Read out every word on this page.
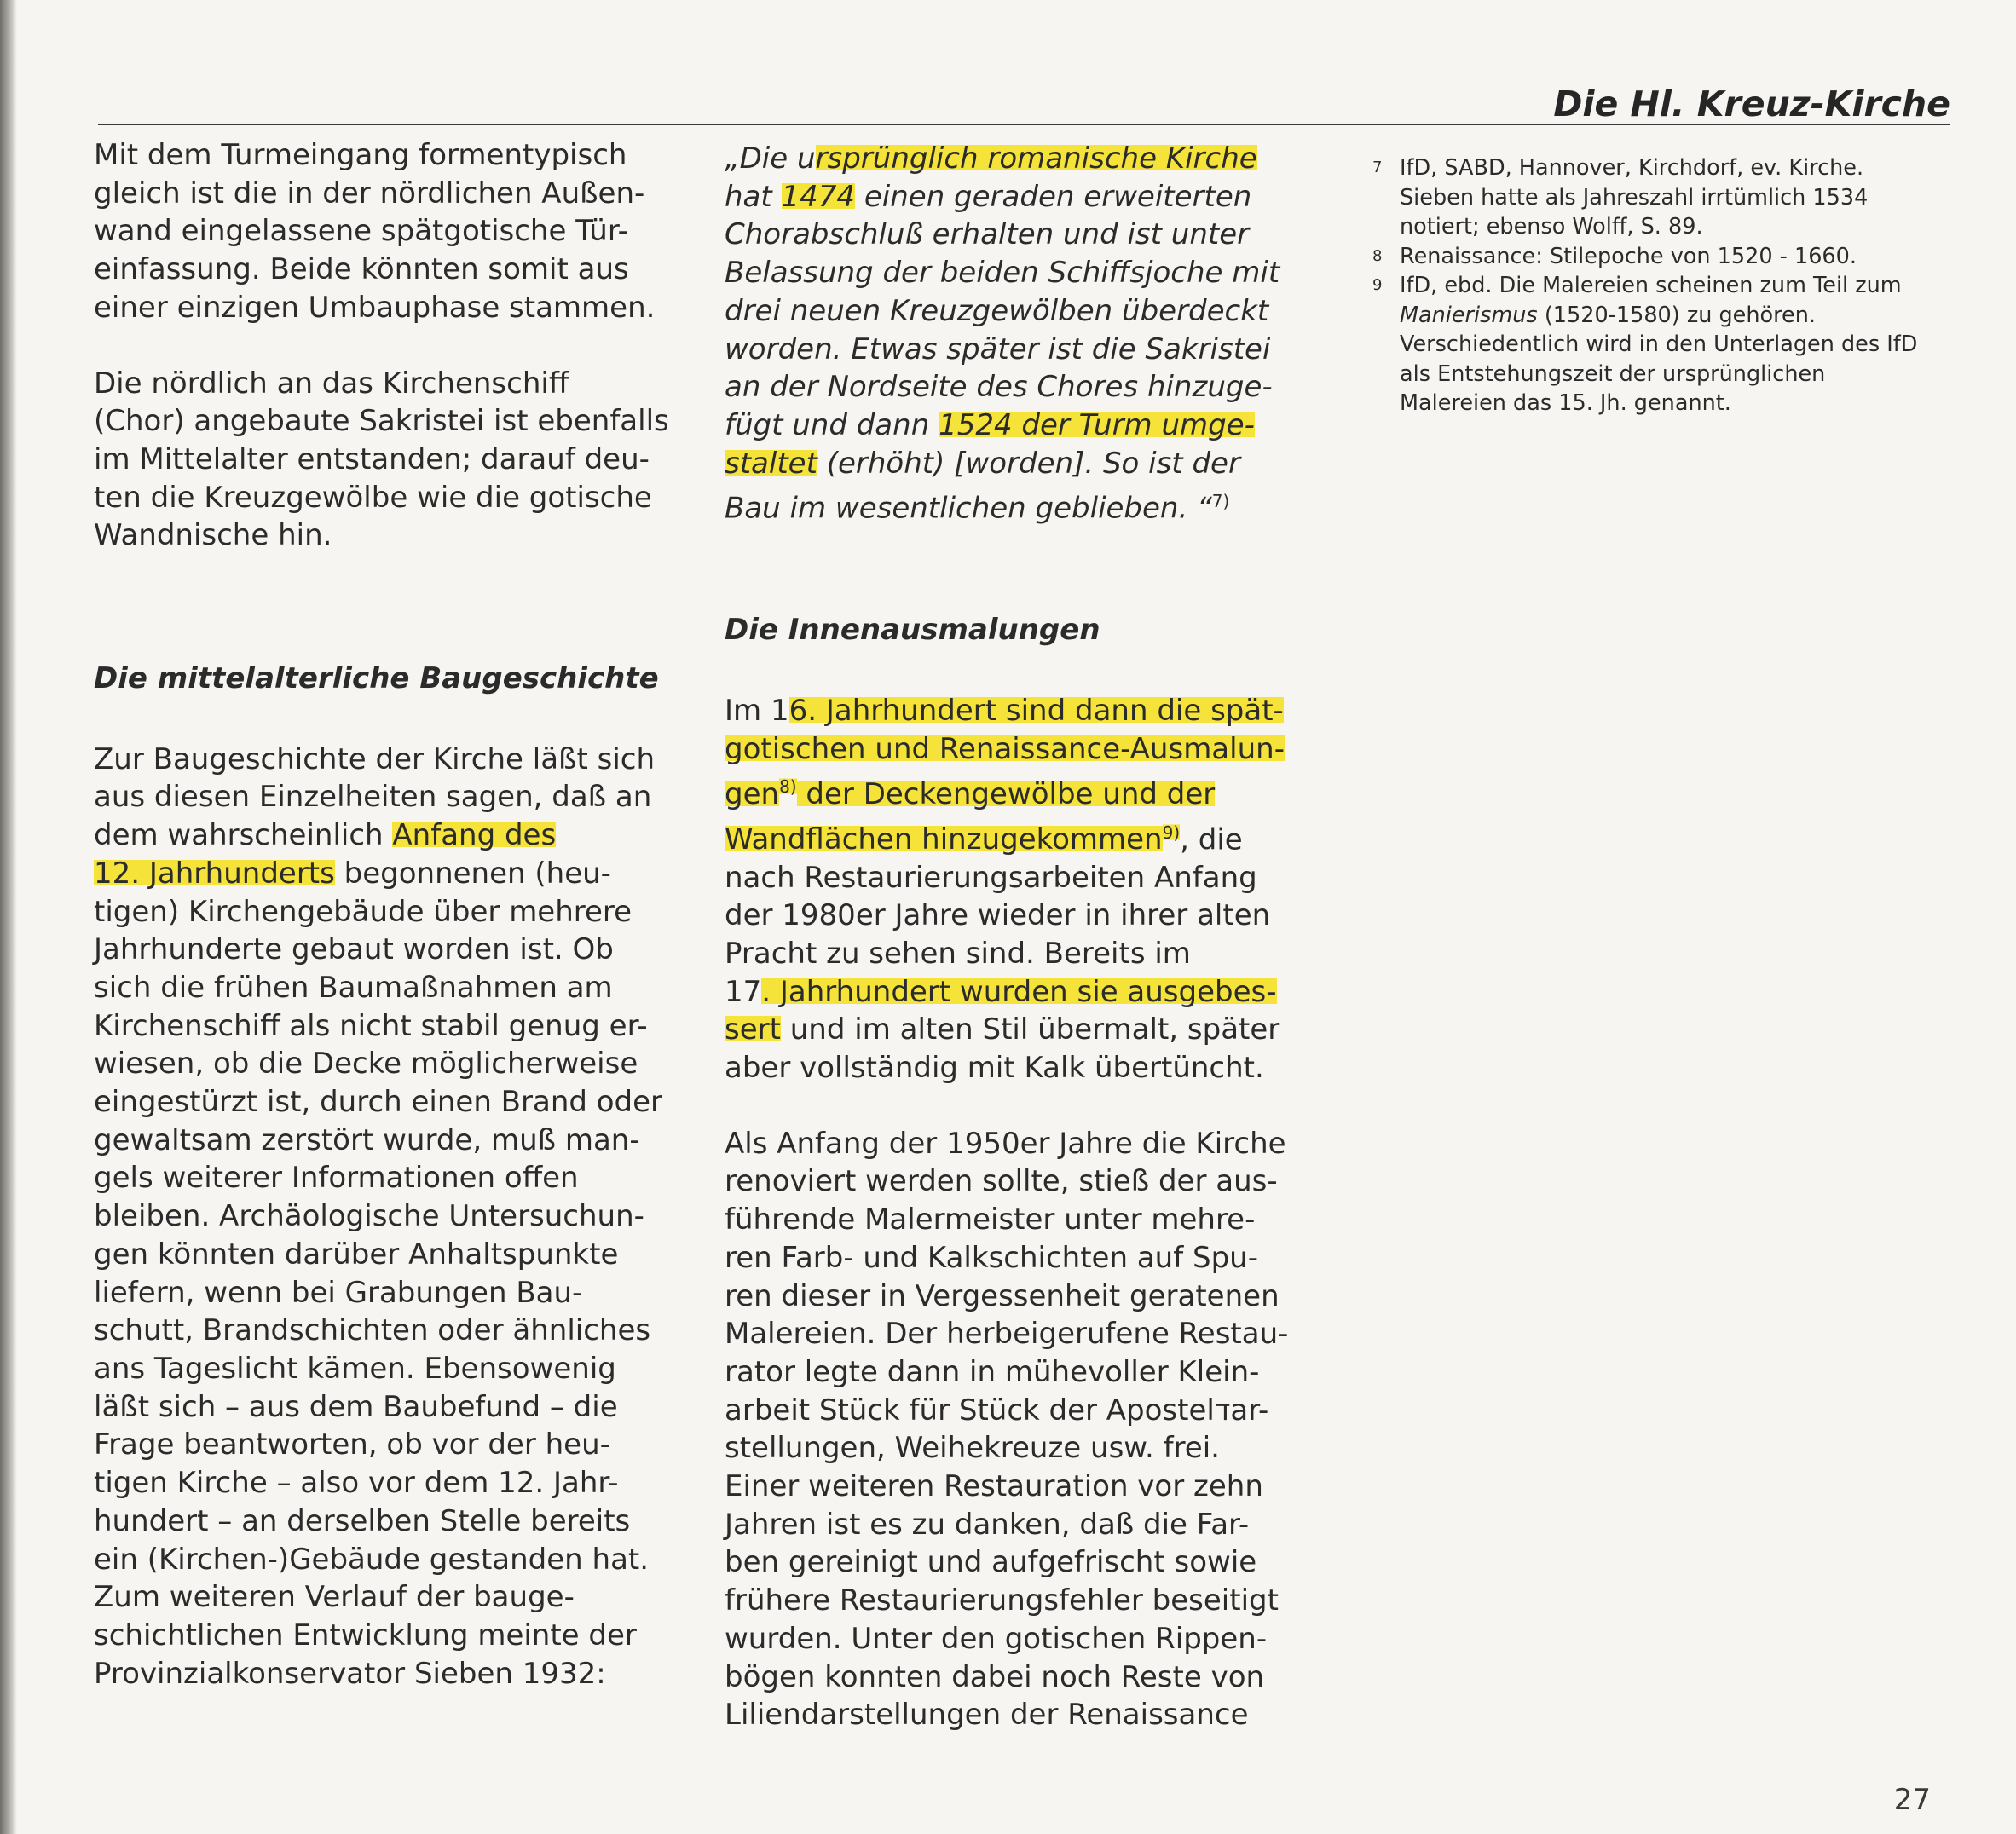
Die Hl. Kreuz-Kirche

Mit dem Turmeingang formentypisch
gleich ist die in der nördlichen Außen-
wand eingelassene spätgotische Tür-
einfassung. Beide könnten somit aus
einer einzigen Umbauphase stammen.

Die nördlich an das Kirchenschiff
(Chor) angebaute Sakristei ist ebenfalls
im Mittelalter entstanden; darauf deu-
ten die Kreuzgewölbe wie die gotische
Wandnische hin.

Die mittelalterliche Baugeschichte

Zur Baugeschichte der Kirche läßt sich
aus diesen Einzelheiten sagen, daß an
dem wahrscheinlich Anfang des
12. Jahrhunderts begonnenen (heu-
tigen) Kirchengebäude über mehrere
Jahrhunderte gebaut worden ist. Ob
sich die frühen Baumaßnahmen am
Kirchenschiff als nicht stabil genug er-
wiesen, ob die Decke möglicherweise
eingestürzt ist, durch einen Brand oder
gewaltsam zerstört wurde, muß man-
gels weiterer Informationen offen
bleiben. Archäologische Untersuchun-
gen könnten darüber Anhaltspunkte
liefern, wenn bei Grabungen Bau-
schutt, Brandschichten oder ähnliches
ans Tageslicht kämen. Ebensowenig
läßt sich – aus dem Baubefund – die
Frage beantworten, ob vor der heu-
tigen Kirche – also vor dem 12. Jahr-
hundert – an derselben Stelle bereits
ein (Kirchen-)Gebäude gestanden hat.
Zum weiteren Verlauf der bauge-
schichtlichen Entwicklung meinte der
Provinzialkonservator Sieben 1932:

„Die ursprünglich romanische Kirche
hat 1474 einen geraden erweiterten
Chorabschluß erhalten und ist unter
Belassung der beiden Schiffsjoche mit
drei neuen Kreuzgewölben überdeckt
worden. Etwas später ist die Sakristei
an der Nordseite des Chores hinzuge-
fügt und dann 1524 der Turm umge-
staltet (erhöht) [worden]. So ist der
Bau im wesentlichen geblieben. “$^{7)}$

Die Innenausmalungen

Im 16. Jahrhundert sind dann die spät-
gotischen und Renaissance-Ausmalun-
gen$^{8)}$ der Deckengewölbe und der
Wandflächen hinzugekommen$^{9)}$, die
nach Restaurierungsarbeiten Anfang
der 1980er Jahre wieder in ihrer alten
Pracht zu sehen sind. Bereits im
17. Jahrhundert wurden sie ausgebes-
sert und im alten Stil übermalt, später
aber vollständig mit Kalk übertüncht.

Als Anfang der 1950er Jahre die Kirche
renoviert werden sollte, stieß der aus-
führende Malermeister unter mehre-
ren Farb- und Kalkschichten auf Spu-
ren dieser in Vergessenheit geratenen
Malereien. Der herbeigerufene Restau-
rator legte dann in mühevoller Klein-
arbeit Stück für Stück der Apostelדar-
stellungen, Weihekreuze usw. frei.
Einer weiteren Restauration vor zehn
Jahren ist es zu danken, daß die Far-
ben gereinigt und aufgefrischt sowie
frühere Restaurierungsfehler beseitigt
wurden. Unter den gotischen Rippen-
bögen konnten dabei noch Reste von
Liliendarstellungen der Renaissance

7 IfD, SABD, Hannover, Kirchdorf, ev. Kirche.
Sieben hatte als Jahreszahl irrtümlich 1534
notiert; ebenso Wolff, S. 89.
8 Renaissance: Stilepoche von 1520 - 1660.
9 IfD, ebd. Die Malereien scheinen zum Teil zum
Manierismus (1520-1580) zu gehören.
Verschiedentlich wird in den Unterlagen des IfD
als Entstehungszeit der ursprünglichen
Malereien das 15. Jh. genannt.
27
